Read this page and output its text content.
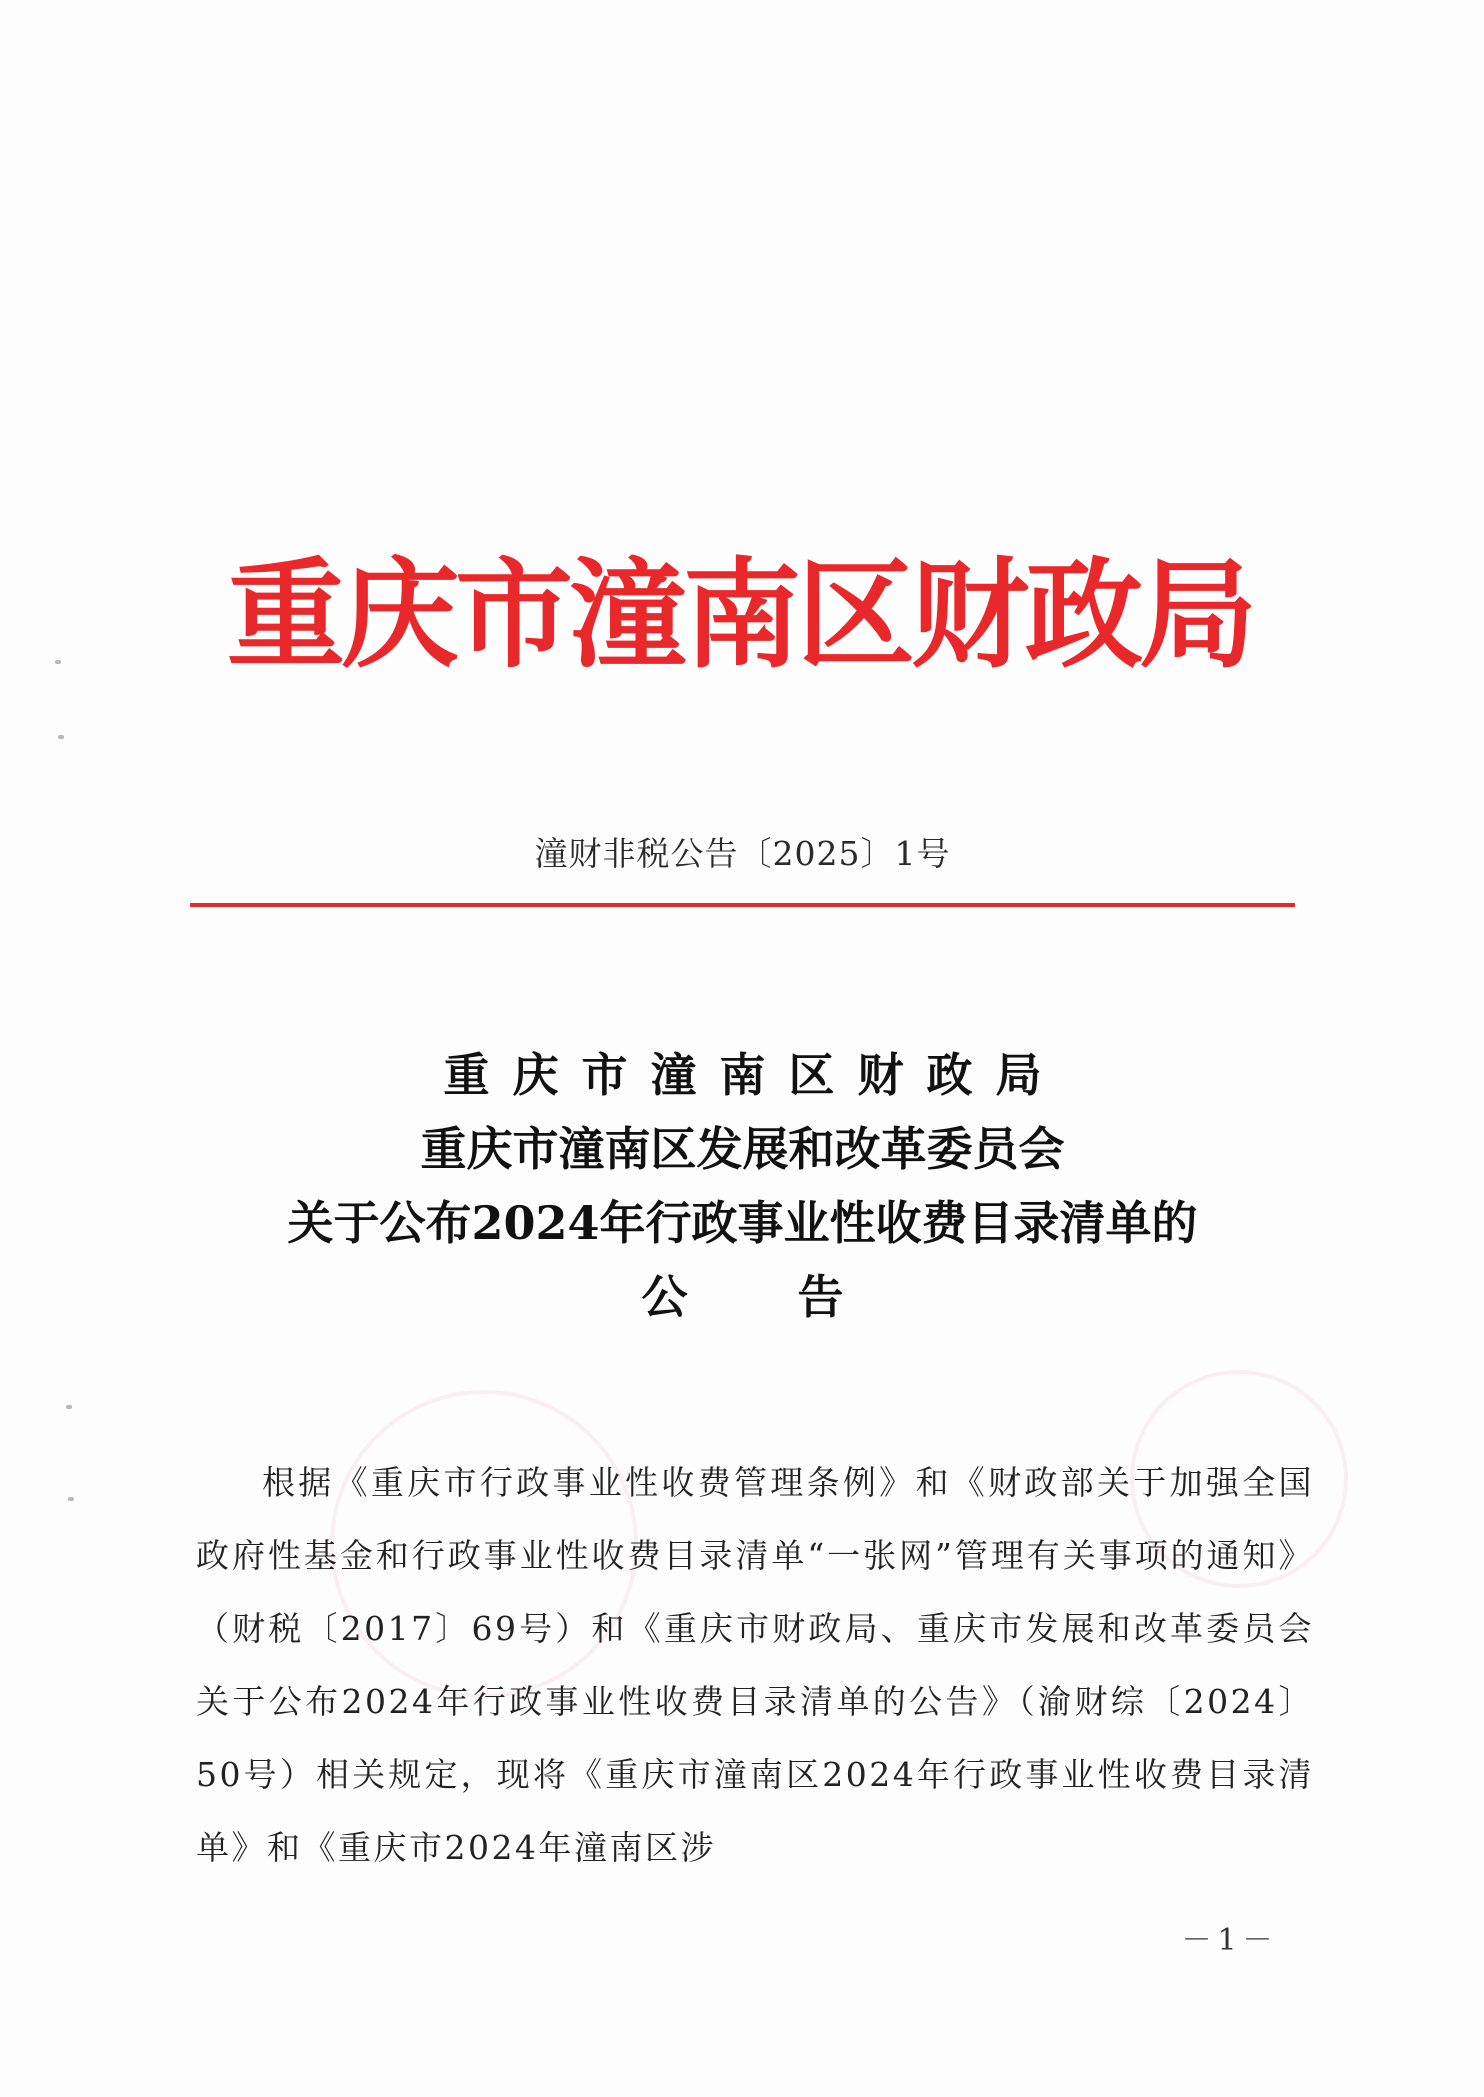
重庆市潼南区财政局
潼财非税公告〔2025〕1号
重庆市潼南区财政局
重庆市潼南区发展和改革委员会
关于公布2024年行政事业性收费目录清单的
公告

根据《重庆市行政事业性收费管理条例》和《财政部关于加强全国政府性基金和行政事业性收费目录清单“一张网”管理有关事项的通知》（财税〔2017〕69号）和《重庆市财政局、重庆市发展和改革委员会关于公布2024年行政事业性收费目录清单的公告》（渝财综〔2024〕50号）相关规定，现将《重庆市潼南区2024年行政事业性收费目录清单》和《重庆市2024年潼南区涉

－1－
